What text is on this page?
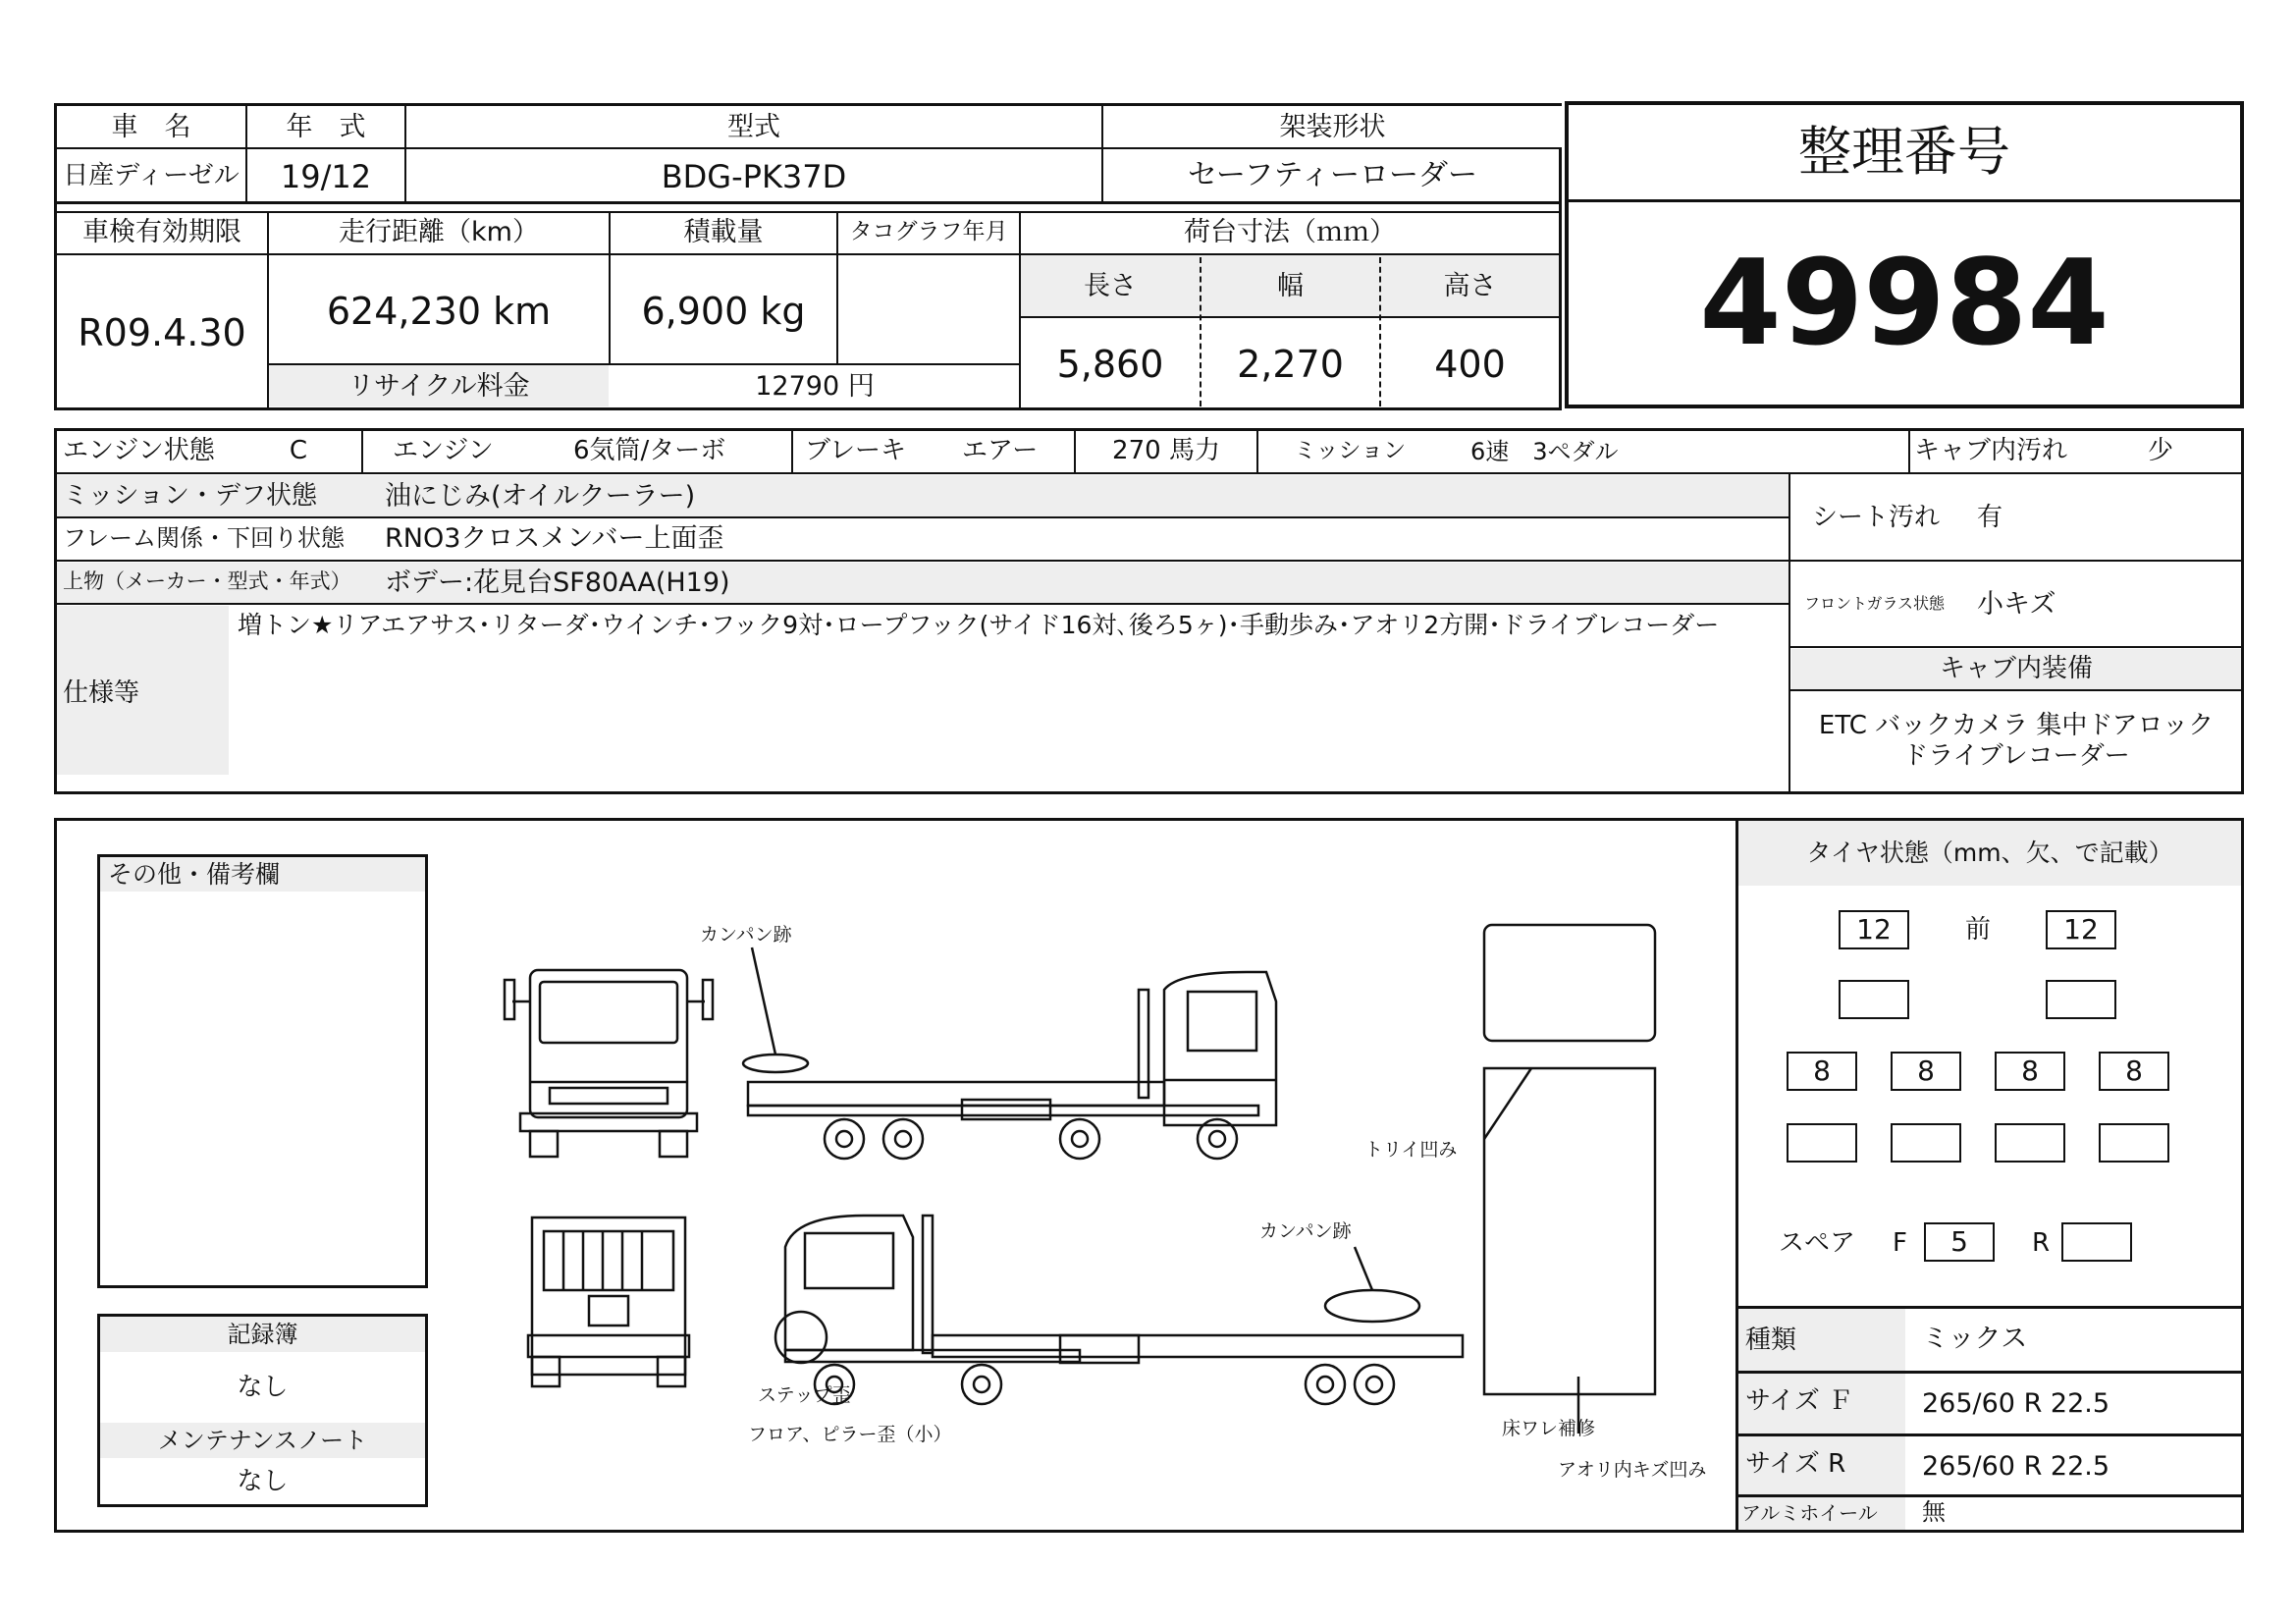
車　名	年　式	型式	架装形状
日産ディーゼル	19/12	BDG-PK37D	セーフティーローダー
車検有効期限	走行距離（km）	積載量	タコグラフ年月	荷台寸法（ｍｍ）
R09.4.30	624,230 km	6,900 kg
リサイクル料金	12790 円
長さ	幅	高さ
5,860	2,270	400
整理番号
49984
エンジン状態	C	エンジン	6気筒/ターボ	ブレーキ エアー	270 馬力	ミッション	6速　3ペダル	キャブ内汚れ	少
ミッション・デフ状態	油にじみ(オイルクーラー)
フレーム関係・下回り状態 RNO3クロスメンバー上面歪
上物（メーカー・型式・年式） ボデー:花見台SF80AA(H19)
仕様等
増トン★リアエアサス･リターダ･ウインチ･フック9対･ロープフック(サイド16対､後ろ5ヶ)･手動歩み･アオリ2方開･ドライブレコーダー
シート汚れ 有
フロントガラス状態 小キズ
キャブ内装備
ETC バックカメラ 集中ドアロック
ドライブレコーダー
その他・備考欄
記録簿
なし
メンテナンスノート
なし
カンパン跡
トリイ凹み
カンパン跡
ステップ歪
フロア、ピラー歪（小）	床ワレ補修
アオリ内キズ凹み
タイヤ状態（mm、欠、で記載）
12	前	12
8	8	8	8
スペア F	5	R
種類	ミックス
サイズ Ｆ	265/60 R 22.5
サイズ R	265/60 R 22.5
アルミホイール 無
